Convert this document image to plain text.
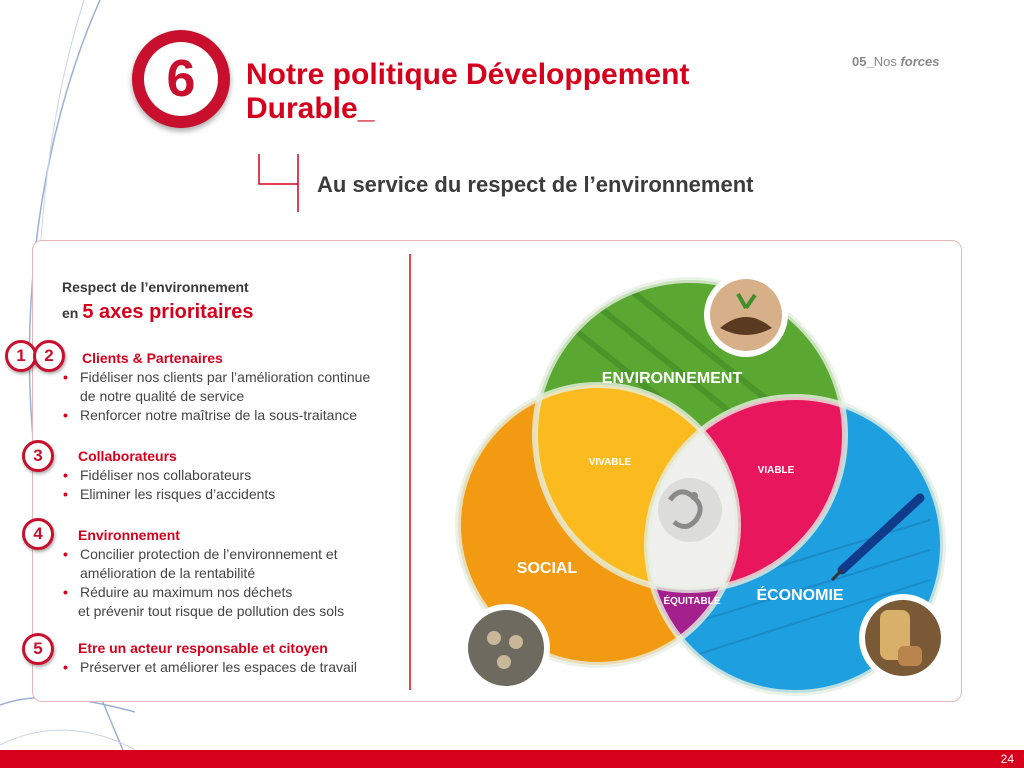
6	Notre politique Développement
Durable_
05_Nos forces
Au service du respect de l’environnement
Respect de l’environnement
en 5 axes prioritaires
1	2	Clients & Partenaires
• Fidéliser nos clients par l’amélioration continue
de notre qualité de service
• Renforcer notre maîtrise de la sous-traitance
3	Collaborateurs
• Fidéliser nos collaborateurs
• Eliminer les risques d’accidents
4	Environnement
• Concilier protection de l’environnement et
amélioration de la rentabilité
• Réduire au maximum nos déchets
et prévenir tout risque de pollution des sols
5	Etre un acteur responsable et citoyen
• Préserver et améliorer les espaces de travail
ENVIRONNEMENT
SOCIAL
ÉCONOMIE
VIVABLE
VIABLE
ÉQUITABLE
24
